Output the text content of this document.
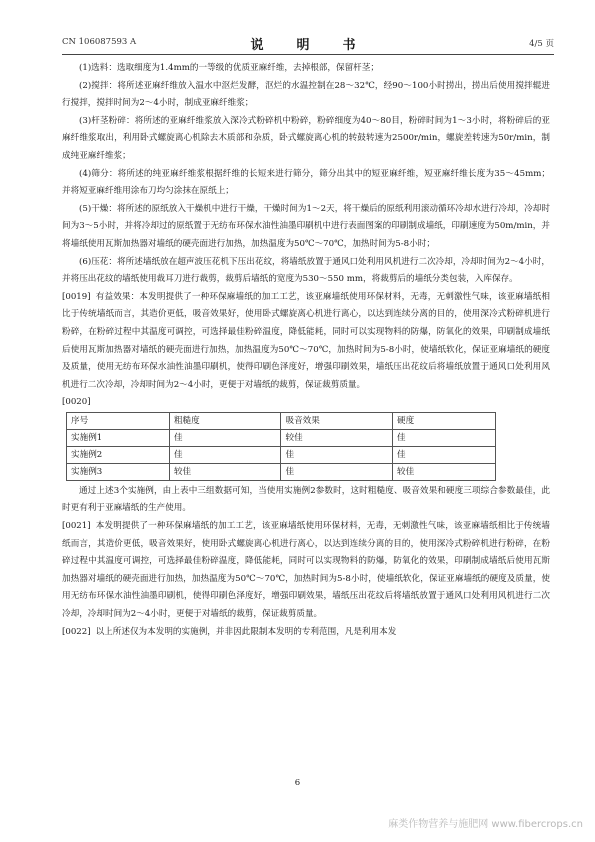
CN 106087593 A	说　明　书	4/5 页

(1)选料：选取细度为1.4mm的一等级的优质亚麻纤维，去掉根部，保留杆茎；

(2)搅拌：将所述亚麻纤维放入温水中沤烂发酵，沤烂的水温控制在28～32℃，经90～100小时捞出，捞出后使用搅拌辊进行搅拌，搅拌时间为2～4小时，制成亚麻纤维浆；

(3)杆茎粉碎：将所述的亚麻纤维浆放入深冷式粉碎机中粉碎，粉碎细度为40～80目，粉碎时间为1～3小时，将粉碎后的亚麻纤维浆取出，利用卧式螺旋离心机除去木质部和杂质，卧式螺旋离心机的转鼓转速为2500r/min，螺旋差转速为50r/min，制成纯亚麻纤维浆；

(4)筛分：将所述的纯亚麻纤维浆根据纤维的长短来进行筛分，筛分出其中的短亚麻纤维，短亚麻纤维长度为35～45mm；并将短亚麻纤维用涂布刀均匀涂抹在原纸上；

(5)干燥：将所述的原纸放入干燥机中进行干燥，干燥时间为1～2天，将干燥后的原纸利用滚动循环冷却水进行冷却，冷却时间为3～5小时，并将冷却过的原纸置于无纺布环保水油性油墨印刷机中进行表面图案的印刷制成墙纸，印刷速度为50m/min，并将墙纸使用瓦斯加热器对墙纸的硬壳面进行加热，加热温度为50℃～70℃，加热时间为5-8小时；

(6)压花：将所述墙纸放在超声波压花机下压出花纹，将墙纸放置于通风口处利用风机进行二次冷却，冷却时间为2～4小时，并将压出花纹的墙纸使用裁耳刀进行裁剪，裁剪后墙纸的宽度为530～550 mm，将裁剪后的墙纸分类包装，入库保存。

[0019] 有益效果：本发明提供了一种环保麻墙纸的加工工艺，该亚麻墙纸使用环保材料，无毒，无刺激性气味，该亚麻墙纸相比于传统墙纸而言，其造价更低，吸音效果好，使用卧式螺旋离心机进行离心，以达到连续分离的目的，使用深冷式粉碎机进行粉碎，在粉碎过程中其温度可调控，可选择最佳粉碎温度，降低能耗，同时可以实现物料的防爆，防氧化的效果，印刷制成墙纸后使用瓦斯加热器对墙纸的硬壳面进行加热，加热温度为50℃～70℃，加热时间为5-8小时，使墙纸软化，保证亚麻墙纸的硬度及质量，使用无纺布环保水油性油墨印刷机，使得印刷色泽度好，增强印刷效果，墙纸压出花纹后将墙纸放置于通风口处利用风机进行二次冷却，冷却时间为2～4小时，更便于对墙纸的裁剪，保证裁剪质量。

[0020]

序号	粗糙度	吸音效果	硬度
实施例1	佳	较佳	佳
实施例2	佳	佳	佳
实施例3	较佳	佳	较佳

通过上述3个实施例，由上表中三组数据可知，当使用实施例2参数时，这时粗糙度、吸音效果和硬度三项综合参数最佳，此时更有利于亚麻墙纸的生产使用。

[0021] 本发明提供了一种环保麻墙纸的加工工艺，该亚麻墙纸使用环保材料，无毒，无刺激性气味，该亚麻墙纸相比于传统墙纸而言，其造价更低，吸音效果好，使用卧式螺旋离心机进行离心，以达到连续分离的目的，使用深冷式粉碎机进行粉碎，在粉碎过程中其温度可调控，可选择最佳粉碎温度，降低能耗，同时可以实现物料的防爆，防氧化的效果，印刷制成墙纸后使用瓦斯加热器对墙纸的硬壳面进行加热，加热温度为50℃～70℃，加热时间为5-8小时，使墙纸软化，保证亚麻墙纸的硬度及质量，使用无纺布环保水油性油墨印刷机，使得印刷色泽度好，增强印刷效果，墙纸压出花纹后将墙纸放置于通风口处利用风机进行二次冷却，冷却时间为2～4小时，更便于对墙纸的裁剪，保证裁剪质量。

[0022] 以上所述仅为本发明的实施例，并非因此限制本发明的专利范围，凡是利用本发

6
麻类作物营养与施肥网 www.fibercrops.cn
